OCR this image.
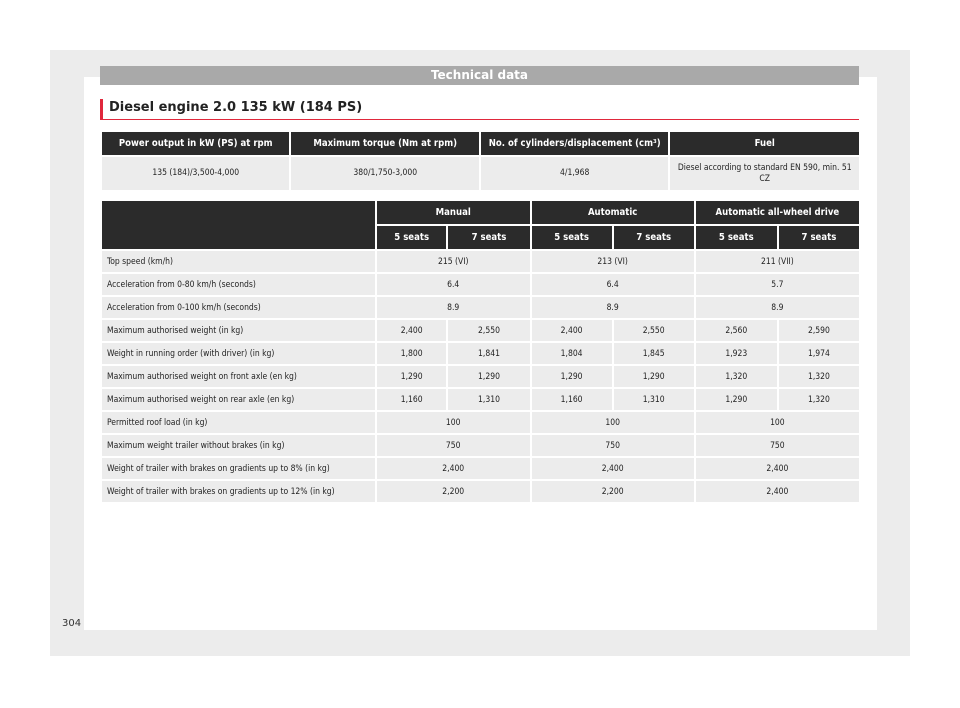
Technical data
Diesel engine 2.0 135 kW (184 PS)
Power output in kW (PS) at rpm	Maximum torque (Nm at rpm)	No. of cylinders/displacement (cm³)	Fuel
135 (184)/3,500-4,000	380/1,750-3,000	4/1,968	Diesel according to standard EN 590, min. 51 CZ
	Manual		Automatic		Automatic all-wheel drive	
	5 seats	7 seats	5 seats	7 seats	5 seats	7 seats
Top speed (km/h)	215 (VI)		213 (VI)		211 (VII)	
Acceleration from 0-80 km/h (seconds)	6.4		6.4		5.7	
Acceleration from 0-100 km/h (seconds)	8.9		8.9		8.9	
Maximum authorised weight (in kg)	2,400	2,550	2,400	2,550	2,560	2,590
Weight in running order (with driver) (in kg)	1,800	1,841	1,804	1,845	1,923	1,974
Maximum authorised weight on front axle (en kg)	1,290	1,290	1,290	1,290	1,320	1,320
Maximum authorised weight on rear axle (en kg)	1,160	1,310	1,160	1,310	1,290	1,320
Permitted roof load (in kg)	100		100		100	
Maximum weight trailer without brakes (in kg)	750		750		750	
Weight of trailer with brakes on gradients up to 8% (in kg)	2,400		2,400		2,400	
Weight of trailer with brakes on gradients up to 12% (in kg)	2,200		2,200		2,400	
304
